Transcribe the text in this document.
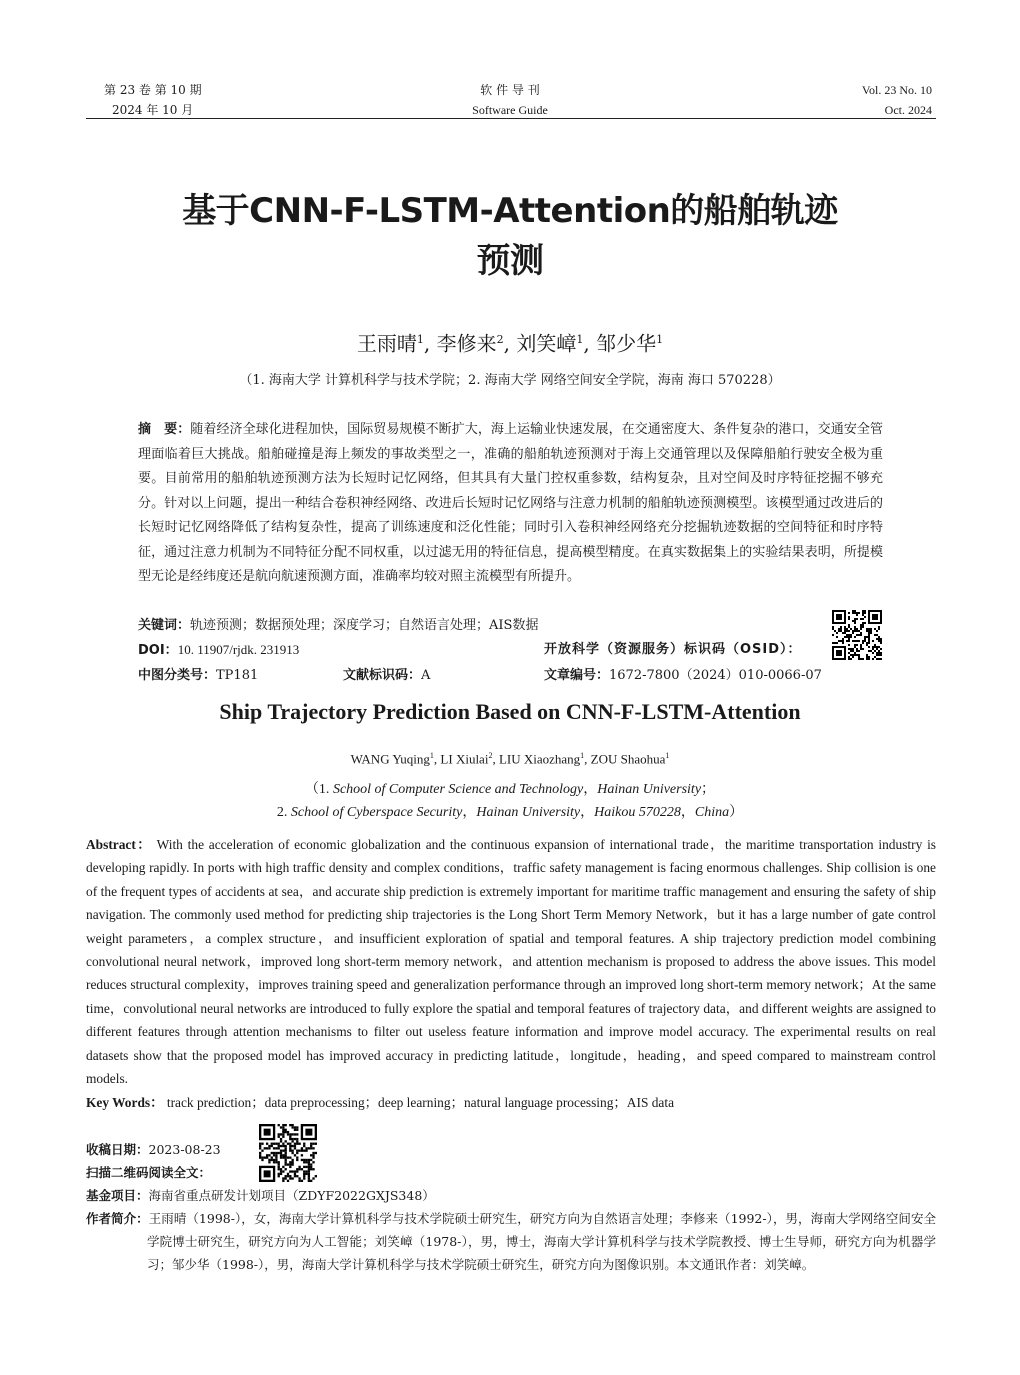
第 23 卷 第 10 期
2024 年 10 月
软 件 导 刊
Software Guide
Vol. 23 No. 10
Oct. 2024
基于CNN-F-LSTM-Attention的船舶轨迹
预测
王雨晴$^1$, 李修来$^2$, 刘笑嶂$^1$, 邹少华$^1$
（1. 海南大学 计算机科学与技术学院；2. 海南大学 网络空间安全学院，海南 海口 570228）
摘　要：随着经济全球化进程加快，国际贸易规模不断扩大，海上运输业快速发展，在交通密度大、条件复杂的港口，交通安全管理面临着巨大挑战。船舶碰撞是海上频发的事故类型之一，准确的船舶轨迹预测对于海上交通管理以及保障船舶行驶安全极为重要。目前常用的船舶轨迹预测方法为长短时记忆网络，但其具有大量门控权重参数，结构复杂，且对空间及时序特征挖掘不够充分。针对以上问题，提出一种结合卷积神经网络、改进后长短时记忆网络与注意力机制的船舶轨迹预测模型。该模型通过改进后的长短时记忆网络降低了结构复杂性，提高了训练速度和泛化性能；同时引入卷积神经网络充分挖掘轨迹数据的空间特征和时序特征，通过注意力机制为不同特征分配不同权重，以过滤无用的特征信息，提高模型精度。在真实数据集上的实验结果表明，所提模型无论是经纬度还是航向航速预测方面，准确率均较对照主流模型有所提升。
关键词：轨迹预测；数据预处理；深度学习；自然语言处理；AIS数据
DOI：10. 11907/rjdk. 231913	开放科学（资源服务）标识码（OSID）：
中图分类号：TP181	文献标识码：A	文章编号：1672-7800（2024）010-0066-07
Ship Trajectory Prediction Based on CNN-F-LSTM-Attention
WANG Yuqing$^1$, LI Xiulai$^2$, LIU Xiaozhang$^1$, ZOU Shaohua$^1$
（1. School of Computer Science and Technology，Hainan University；
2. School of Cyberspace Security，Hainan University，Haikou 570228，China）
Abstract： With the acceleration of economic globalization and the continuous expansion of international trade，the maritime transportation industry is developing rapidly. In ports with high traffic density and complex conditions，traffic safety management is facing enormous challenges. Ship collision is one of the frequent types of accidents at sea，and accurate ship prediction is extremely important for maritime traffic management and ensuring the safety of ship navigation. The commonly used method for predicting ship trajectories is the Long Short Term Memory Network，but it has a large number of gate control weight parameters，a complex structure，and insufficient exploration of spatial and temporal features. A ship trajectory prediction model combining convolutional neural network，improved long short-term memory network，and attention mechanism is proposed to address the above issues. This model reduces structural complexity，improves training speed and generalization performance through an improved long short-term memory network；At the same time，convolutional neural networks are introduced to fully explore the spatial and temporal features of trajectory data，and different weights are assigned to different features through attention mechanisms to filter out useless feature information and improve model accuracy. The experimental results on real datasets show that the proposed model has improved accuracy in predicting latitude，longitude，heading，and speed compared to mainstream control models.
Key Words： track prediction；data preprocessing；deep learning；natural language processing；AIS data
收稿日期：2023-08-23
扫描二维码阅读全文：
基金项目：海南省重点研发计划项目（ZDYF2022GXJS348）
作者简介：王雨晴（1998-），女，海南大学计算机科学与技术学院硕士研究生，研究方向为自然语言处理；李修来（1992-），男，海南大学网络空间安全学院博士研究生，研究方向为人工智能；刘笑嶂（1978-），男，博士，海南大学计算机科学与技术学院教授、博士生导师，研究方向为机器学习；邹少华（1998-），男，海南大学计算机科学与技术学院硕士研究生，研究方向为图像识别。本文通讯作者：刘笑嶂。
